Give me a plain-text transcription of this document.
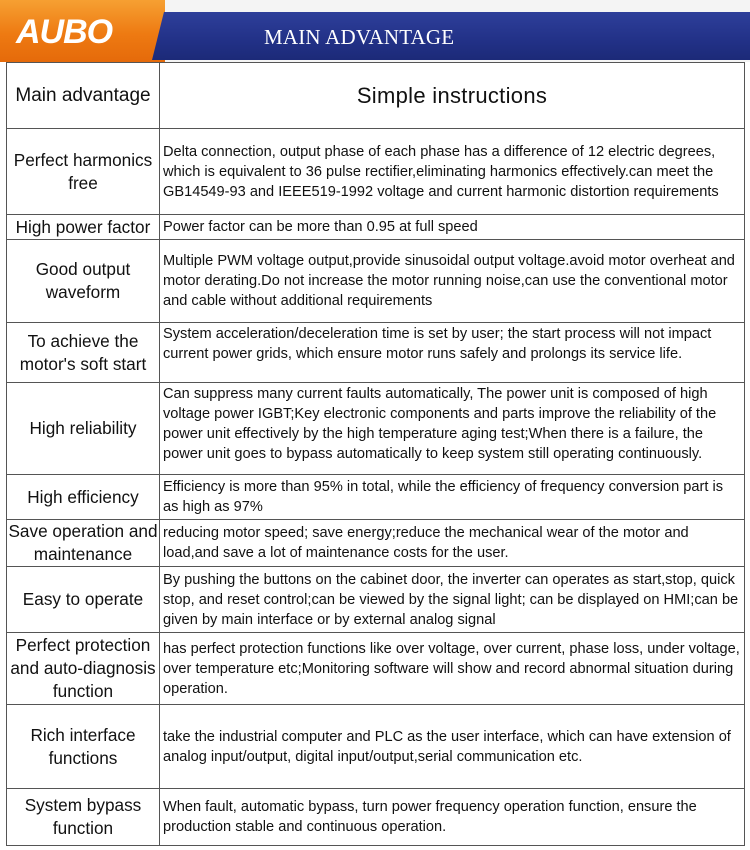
AUBO	MAIN ADVANTAGE
Main advantage	Simple instructions
Perfect harmonics free	Delta connection, output phase of each phase has a difference of 12 electric degrees, which is equivalent to 36 pulse rectifier,eliminating harmonics effectively.can meet the GB14549-93 and IEEE519-1992 voltage and current harmonic distortion requirements
High power factor	Power factor can be more than 0.95 at full speed
Good output waveform	Multiple PWM voltage output,provide sinusoidal output voltage.avoid motor overheat and motor derating.Do not increase the motor running noise,can use the conventional motor and cable without additional requirements
To achieve the motor's soft start	System acceleration/deceleration time is set by user; the start process will not impact current power grids, which ensure motor runs safely and prolongs its service life.

High reliability	Can suppress many current faults automatically, The power unit is composed of high voltage power IGBT;Key electronic components and parts improve the reliability of the power unit effectively by the high temperature aging test;When there is a failure, the power unit goes to bypass automatically to keep system still operating continuously.

High efficiency	Efficiency is more than 95% in total, while the efficiency of frequency conversion part is as high as 97%
Save operation and maintenance	reducing motor speed; save energy;reduce the mechanical wear of the motor and load,and save a lot of maintenance costs for the user.
Easy to operate	By pushing the buttons on the cabinet door, the inverter can operates as start,stop, quick stop, and reset control;can be viewed by the signal light; can be displayed on HMI;can be given by main interface or by external analog signal
Perfect protection and auto-diagnosis function	has perfect protection functions like over voltage, over current, phase loss, under voltage, over temperature etc;Monitoring software will show and record abnormal situation during operation.
Rich interface functions	take the industrial computer and PLC as the user interface, which can have extension of analog input/output, digital input/output,serial communication etc.
System bypass function	When fault, automatic bypass, turn power frequency operation function, ensure the production stable and continuous operation.
